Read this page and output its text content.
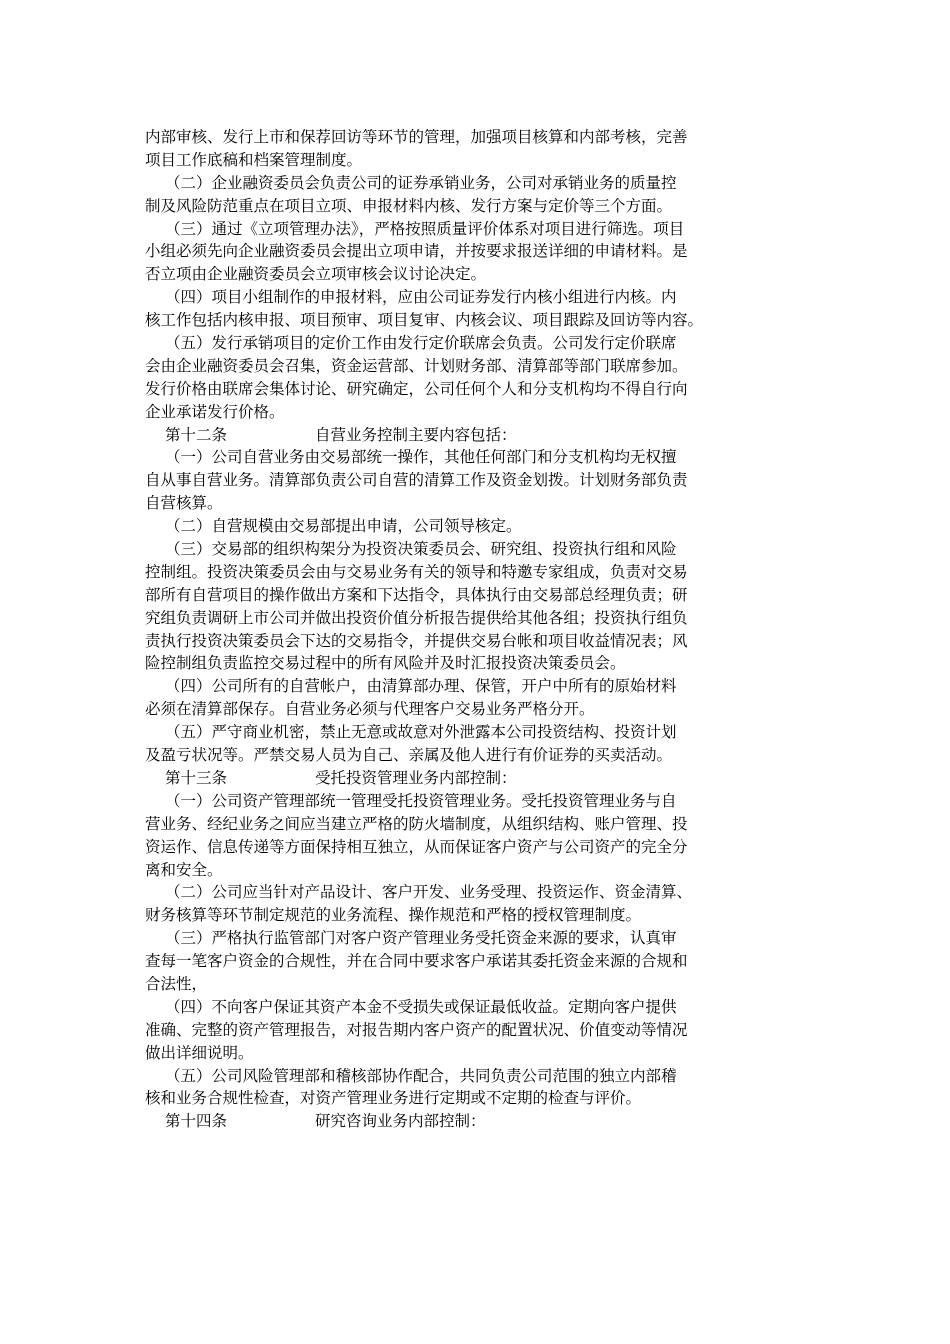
内部审核、发行上市和保荐回访等环节的管理，加强项目核算和内部考核，完善
项目工作底稿和档案管理制度。
（二）企业融资委员会负责公司的证券承销业务，公司对承销业务的质量控
制及风险防范重点在项目立项、申报材料内核、发行方案与定价等三个方面。
（三）通过《立项管理办法》，严格按照质量评价体系对项目进行筛选。项目
小组必须先向企业融资委员会提出立项申请，并按要求报送详细的申请材料。是
否立项由企业融资委员会立项审核会议讨论决定。
（四）项目小组制作的申报材料，应由公司证券发行内核小组进行内核。内
核工作包括内核申报、项目预审、项目复审、内核会议、项目跟踪及回访等内容。
（五）发行承销项目的定价工作由发行定价联席会负责。公司发行定价联席
会由企业融资委员会召集，资金运营部、计划财务部、清算部等部门联席参加。
发行价格由联席会集体讨论、研究确定，公司任何个人和分支机构均不得自行向
企业承诺发行价格。
第十二条	自营业务控制主要内容包括：
（一）公司自营业务由交易部统一操作，其他任何部门和分支机构均无权擅
自从事自营业务。清算部负责公司自营的清算工作及资金划拨。计划财务部负责
自营核算。
（二）自营规模由交易部提出申请，公司领导核定。
（三）交易部的组织构架分为投资决策委员会、研究组、投资执行组和风险
控制组。投资决策委员会由与交易业务有关的领导和特邀专家组成，负责对交易
部所有自营项目的操作做出方案和下达指令，具体执行由交易部总经理负责；研
究组负责调研上市公司并做出投资价值分析报告提供给其他各组；投资执行组负
责执行投资决策委员会下达的交易指令，并提供交易台帐和项目收益情况表；风
险控制组负责监控交易过程中的所有风险并及时汇报投资决策委员会。
（四）公司所有的自营帐户，由清算部办理、保管，开户中所有的原始材料
必须在清算部保存。自营业务必须与代理客户交易业务严格分开。
（五）严守商业机密，禁止无意或故意对外泄露本公司投资结构、投资计划
及盈亏状况等。严禁交易人员为自己、亲属及他人进行有价证券的买卖活动。
第十三条	受托投资管理业务内部控制：
（一）公司资产管理部统一管理受托投资管理业务。受托投资管理业务与自
营业务、经纪业务之间应当建立严格的防火墙制度，从组织结构、账户管理、投
资运作、信息传递等方面保持相互独立，从而保证客户资产与公司资产的完全分
离和安全。
（二）公司应当针对产品设计、客户开发、业务受理、投资运作、资金清算、
财务核算等环节制定规范的业务流程、操作规范和严格的授权管理制度。
（三）严格执行监管部门对客户资产管理业务受托资金来源的要求，认真审
查每一笔客户资金的合规性，并在合同中要求客户承诺其委托资金来源的合规和
合法性，
（四）不向客户保证其资产本金不受损失或保证最低收益。定期向客户提供
准确、完整的资产管理报告，对报告期内客户资产的配置状况、价值变动等情况
做出详细说明。
（五）公司风险管理部和稽核部协作配合，共同负责公司范围的独立内部稽
核和业务合规性检查，对资产管理业务进行定期或不定期的检查与评价。
第十四条	研究咨询业务内部控制：
